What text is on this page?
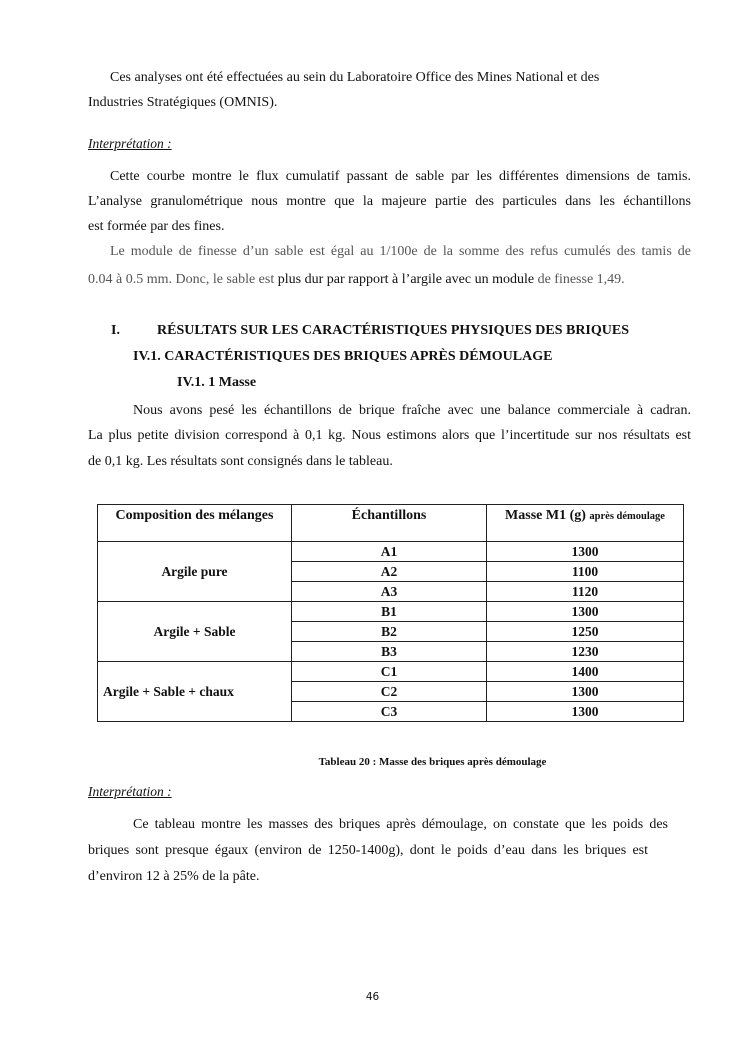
Ces analyses ont été effectuées au sein du Laboratoire Office des Mines National et des
Industries Stratégiques (OMNIS).
Interprétation :
Cette courbe montre le flux cumulatif passant de sable par les différentes dimensions de tamis.
L’analyse granulométrique nous montre que la majeure partie des particules dans les échantillons
est formée par des fines.
Le module de finesse d’un sable est égal au 1/100e de la somme des refus cumulés des tamis de
0.04 à 0.5 mm. Donc, le sable est plus dur par rapport à l’argile avec un module de finesse 1,49.
I.	RÉSULTATS SUR LES CARACTÉRISTIQUES PHYSIQUES DES BRIQUES
IV.1. CARACTÉRISTIQUES DES BRIQUES APRÈS DÉMOULAGE
IV.1. 1 Masse
Nous avons pesé les échantillons de brique fraîche avec une balance commerciale à cadran.
La plus petite division correspond à 0,1 kg. Nous estimons alors que l’incertitude sur nos résultats est
de 0,1 kg. Les résultats sont consignés dans le tableau.
Composition des mélanges	Échantillons	Masse M1 (g) après démoulage
Argile pure	A1	1300
	A2	1100
	A3	1120
Argile + Sable	B1	1300
	B2	1250
	B3	1230
Argile + Sable + chaux	C1	1400
	C2	1300
	C3	1300
Tableau 20 : Masse des briques après démoulage
Interprétation :
Ce tableau montre les masses des briques après démoulage, on constate que les poids des
briques sont presque égaux (environ de 1250-1400g), dont le poids d’eau dans les briques est
d’environ 12 à 25% de la pâte.
46
